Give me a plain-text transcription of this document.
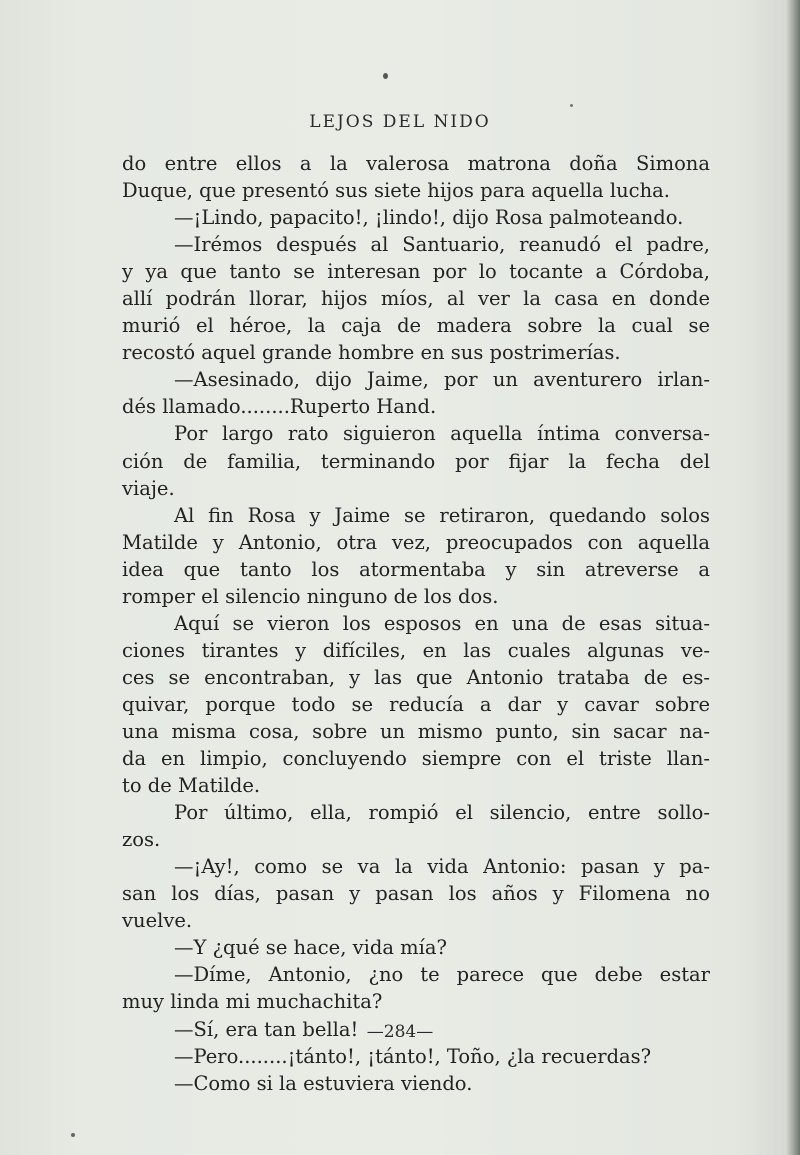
LEJOS DEL NIDO
do entre ellos a la valerosa matrona doña Simona
Duque, que presentó sus siete hijos para aquella lucha.
—¡Lindo, papacito!, ¡lindo!, dijo Rosa palmoteando.
—Irémos después al Santuario, reanudó el padre,
y ya que tanto se interesan por lo tocante a Córdoba,
allí podrán llorar, hijos míos, al ver la casa en donde
murió el héroe, la caja de madera sobre la cual se
recostó aquel grande hombre en sus postrimerías.
—Asesinado, dijo Jaime, por un aventurero irlan-
dés llamado........Ruperto Hand.
Por largo rato siguieron aquella íntima conversa-
ción de familia, terminando por fijar la fecha del
viaje.
Al fin Rosa y Jaime se retiraron, quedando solos
Matilde y Antonio, otra vez, preocupados con aquella
idea que tanto los atormentaba y sin atreverse a
romper el silencio ninguno de los dos.
Aquí se vieron los esposos en una de esas situa-
ciones tirantes y difíciles, en las cuales algunas ve-
ces se encontraban, y las que Antonio trataba de es-
quivar, porque todo se reducía a dar y cavar sobre
una misma cosa, sobre un mismo punto, sin sacar na-
da en limpio, concluyendo siempre con el triste llan-
to de Matilde.
Por último, ella, rompió el silencio, entre sollo-
zos.
—¡Ay!, como se va la vida Antonio: pasan y pa-
san los días, pasan y pasan los años y Filomena no
vuelve.
—Y ¿qué se hace, vida mía?
—Díme, Antonio, ¿no te parece que debe estar
muy linda mi muchachita?
—Sí, era tan bella!
—Pero........¡tánto!, ¡tánto!, Toño, ¿la recuerdas?
—Como si la estuviera viendo.
—284—
